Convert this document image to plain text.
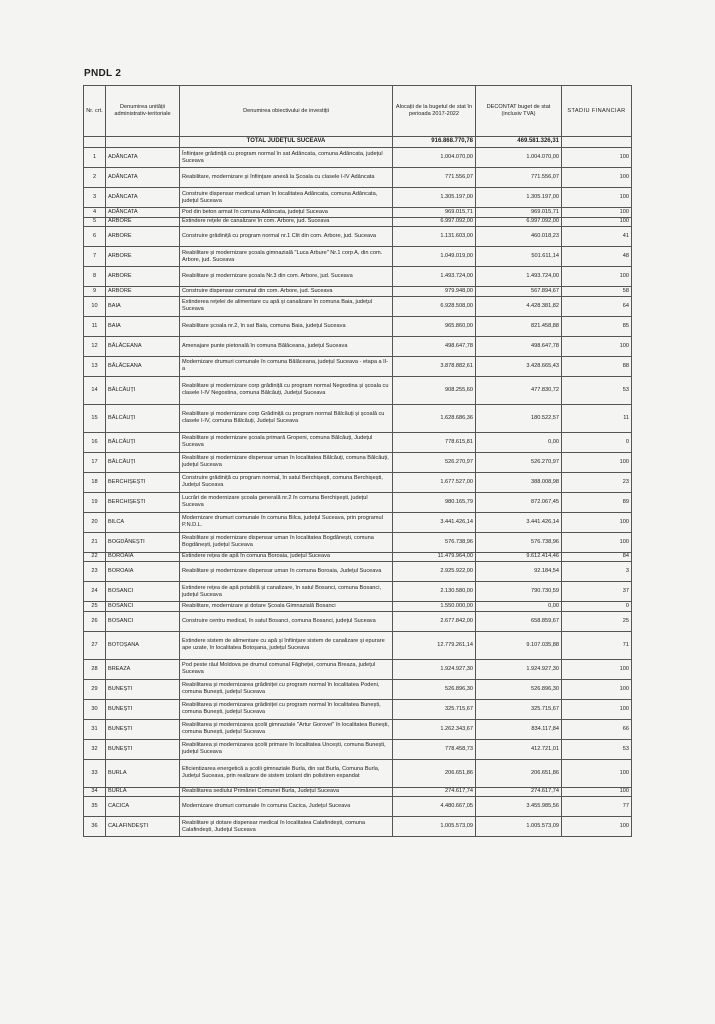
PNDL 2
Nr. crt.	Denumirea unității administrativ-teritoriale	Denumirea obiectivului de investiții	Alocații de la bugetul de stat în perioada 2017-2022	DECONTAT buget de stat (inclusiv TVA)	STADIU FINANCIAR
		TOTAL JUDEȚUL SUCEAVA	916.868.770,78	469.581.326,31	
1	ADÂNCATA	Înființare grădiniță cu program normal în sat Adâncata, comuna Adâncata, județul Suceava	1.004.070,00	1.004.070,00	100
2	ADÂNCATA	Reabilitare, modernizare și înființare anexă la Școala cu clasele I-IV Adâncata	771.556,07	771.556,07	100
3	ADÂNCATA	Construire dispensar medical uman în localitatea Adâncata, comuna Adâncata, județul Suceava	1.305.197,00	1.305.197,00	100
4	ADÂNCATA	Pod din beton armat în comuna Adâncata, județul Suceava	969.015,71	969.015,71	100
5	ARBORE	Extindere rețele de canalizare în com. Arbore, jud. Suceava	6.997.092,00	6.997.092,00	100
6	ARBORE	Construire grădiniță cu program normal nr.1 Clit din com. Arbore, jud. Suceava	1.131.603,00	460.018,23	41
7	ARBORE	Reabilitare și modernizare școala gimnazială "Luca Arbure" Nr.1 corp A, din com. Arbore, jud. Suceava	1.049.019,00	501.611,14	48
8	ARBORE	Reabilitare și modernizare școala Nr.3 din com. Arbore, jud. Suceava	1.493.724,00	1.493.724,00	100
9	ARBORE	Construire dispensar comunal din com. Arbore, jud. Suceava	979.948,00	567.894,67	58
10	BAIA	Extinderea rețelei de alimentare cu apă și canalizare în comuna Baia, județul Suceava	6.928.508,00	4.428.381,82	64
11	BAIA	Reabilitare școala nr.2, în sat Baia, comuna Baia, județul Suceava	965.860,00	821.458,88	85
12	BĂLĂCEANA	Amenajare punte pietonală în comuna Bălăceana, județul Suceava	498.647,78	498.647,78	100
13	BĂLĂCEANA	Modernizare drumuri comunale în comuna Bălăceana, județul Suceava - etapa a II-a	3.878.882,61	3.428.665,43	88
14	BĂLCĂUȚI	Reabilitare și modernizare corp grădiniță cu program normal Negostina și școala cu clasele I-IV Negostina, comuna Bălcăuți, Județul Suceava	908.255,60	477.830,72	53
15	BĂLCĂUȚI	Reabilitare și modernizare corp Grădiniță cu program normal Bălcăuți și școală cu clasele I-IV, comuna Bălcăuți, Județul Suceava	1.628.686,36	180.522,57	11
16	BĂLCĂUȚI	Reabilitare și modernizare școala primară Gropeni, comuna Bălcăuți, Județul Suceava	778.615,81	0,00	0
17	BĂLCĂUȚI	Reabilitare și modernizare dispensar uman în localitatea Bălcăuți, comuna Bălcăuți, județul Suceava	526.270,97	526.270,97	100
18	BERCHIȘEȘTI	Construire grădiniță cu program normal, în satul Berchișești, comuna Berchișești, Județul Suceava	1.677.527,00	388.008,98	23
19	BERCHIȘEȘTI	Lucrări de modernizare școala generală nr.2 în comuna Berchișești, județul Suceava	980.165,79	872.067,45	89
20	BILCA	Modernizare drumuri comunale în comuna Bilca, județul Suceava, prin programul P.N.D.L.	3.441.426,14	3.441.426,14	100
21	BOGDĂNEȘTI	Reabilitare și modernizare dispensar uman în localitatea Bogdănești, comuna Bogdănești, județul Suceava	576.738,96	576.738,96	100
22	BOROAIA	Extindere rețea de apă în comuna Boroaia, județul Suceava	11.479.964,00	9.612.414,46	84
23	BOROAIA	Reabilitare și modernizare dispensar uman în comuna Boroaia, Județul Suceava	2.925.922,00	92.184,54	3
24	BOSANCI	Extindere rețea de apă potabilă și canalizare, în satul Bosanci, comuna Bosanci, județul Suceava	2.130.580,00	790.730,59	37
25	BOSANCI	Reabilitare, modernizare și dotare Școala Gimnazială Bosanci	1.550.000,00	0,00	0
26	BOSANCI	Construire centru medical, în satul Bosanci, comuna Bosanci, județul Suceava	2.677.842,00	658.859,67	25
27	BOTOȘANA	Extindere sistem de alimentare cu apă și înființare sistem de canalizare și epurare ape uzate, în localitatea Botoșana, județul Suceava	12.779.261,14	9.107.035,88	71
28	BREAZA	Pod peste râul Moldova pe drumul comunal Făgheței, comuna Breaza, județul Suceava	1.924.927,30	1.924.927,30	100
29	BUNEȘTI	Reabilitarea și modernizarea grădiniței cu program normal în localitatea Podeni, comuna Bunești, județul Suceava	526.896,30	526.896,30	100
30	BUNEȘTI	Reabilitarea și modernizarea grădiniței cu program normal în localitatea Bunești, comuna Bunești, județul Suceava	325.715,67	325.715,67	100
31	BUNEȘTI	Reabilitarea și modernizarea școlii gimnaziale "Artur Gorovei" în localitatea Bunești, comuna Bunești, județul Suceava	1.262.343,67	834.117,84	66
32	BUNEȘTI	Reabilitarea și modernizarea școlii primare în localitatea Uncești, comuna Bunești, județul Suceava	778.458,73	412.721,01	53
33	BURLA	Eficientizarea energetică a școlii gimnaziale Burla, din sat Burla, Comuna Burla, Județul Suceava, prin realizare de sistem izolant din polistiren expandat	206.651,86	206.651,86	100
34	BURLA	Reabilitarea sediului Primăriei Comunei Burla, Județul Suceava	274.617,74	274.617,74	100
35	CACICA	Modernizare drumuri comunale în comuna Cacica, Județul Suceava	4.480.667,05	3.455.985,56	77
36	CALAFINDEȘTI	Reabilitare și dotare dispensar medical în localitatea Calafindești, comuna Calafindești, Județul Suceava	1.005.573,09	1.005.573,09	100
